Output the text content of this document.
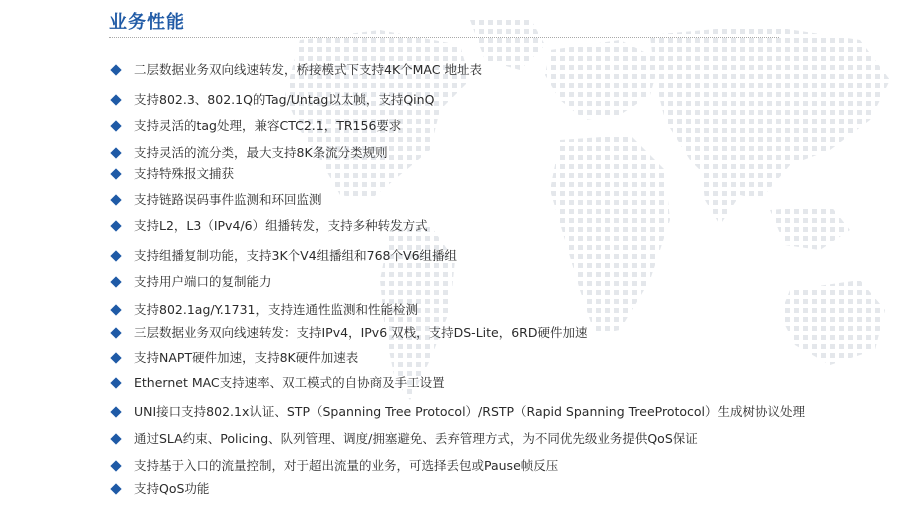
业务性能
二层数据业务双向线速转发，桥接模式下支持4K个MAC 地址表
支持802.3、802.1Q的Tag/Untag以太帧，支持QinQ
支持灵活的tag处理，兼容CTC2.1，TR156要求
支持灵活的流分类，最大支持8K条流分类规则
支持特殊报文捕获
支持链路误码事件监测和环回监测
支持L2，L3（IPv4/6）组播转发，支持多种转发方式
支持组播复制功能，支持3K个V4组播组和768个V6组播组
支持用户端口的复制能力
支持802.1ag/Y.1731，支持连通性监测和性能检测
三层数据业务双向线速转发：支持IPv4，IPv6 双栈，支持DS-Lite，6RD硬件加速
支持NAPT硬件加速，支持8K硬件加速表
Ethernet MAC支持速率、双工模式的自协商及手工设置
UNI接口支持802.1x认证、STP（Spanning Tree Protocol）/RSTP（Rapid Spanning TreeProtocol）生成树协议处理
通过SLA约束、Policing、队列管理、调度/拥塞避免、丢弃管理方式，为不同优先级业务提供QoS保证
支持基于入口的流量控制，对于超出流量的业务，可选择丢包或Pause帧反压
支持QoS功能
